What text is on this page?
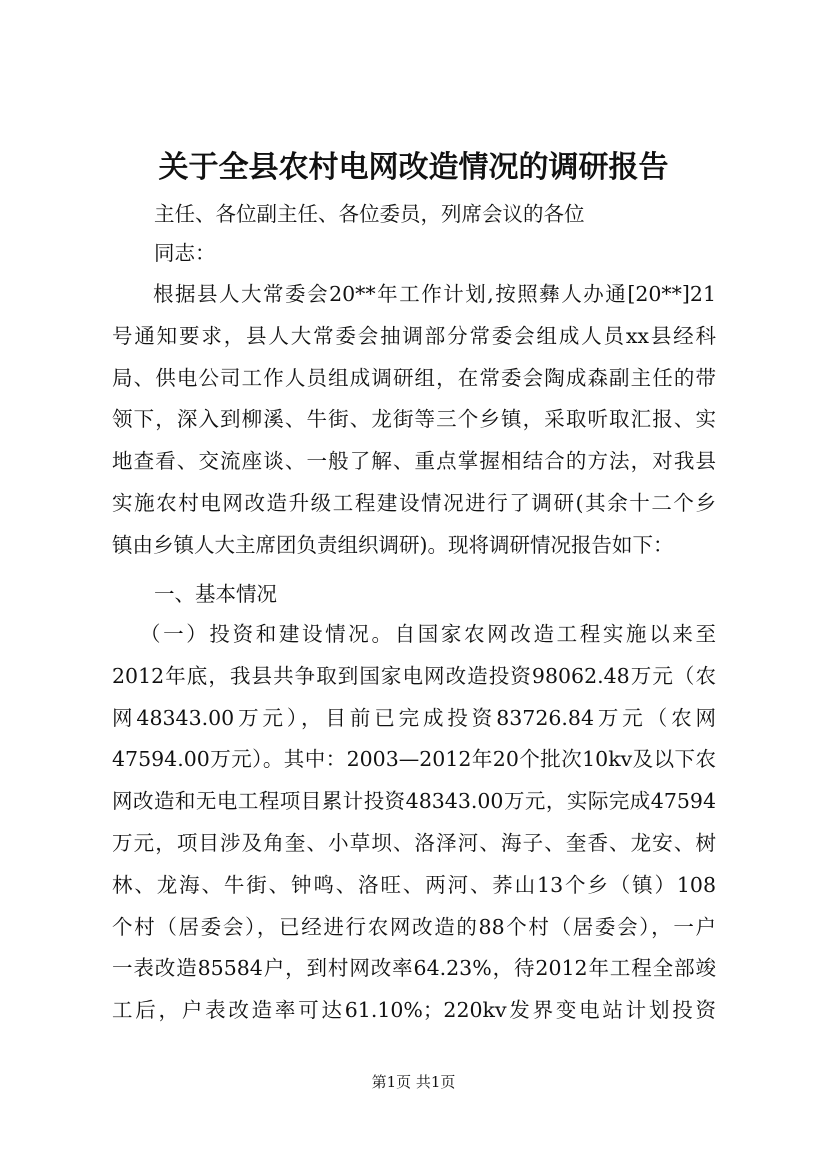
关于全县农村电网改造情况的调研报告
主任、各位副主任、各位委员，列席会议的各位
同志：

根据县人大常委会20**年工作计划,按照彝人办通[20**]21
号通知要求，县人大常委会抽调部分常委会组成人员xx县经科
局、供电公司工作人员组成调研组，在常委会陶成森副主任的带
领下，深入到柳溪、牛街、龙街等三个乡镇，采取听取汇报、实
地查看、交流座谈、一般了解、重点掌握相结合的方法，对我县
实施农村电网改造升级工程建设情况进行了调研(其余十二个乡
镇由乡镇人大主席团负责组织调研)。现将调研情况报告如下：

一、基本情况

（一）投资和建设情况。自国家农网改造工程实施以来至
2012年底，我县共争取到国家电网改造投资98062.48万元（农
网48343.00万元），目前已完成投资83726.84万元（农网
47594.00万元）。其中：2003—2012年20个批次10kv及以下农
网改造和无电工程项目累计投资48343.00万元，实际完成47594
万元，项目涉及角奎、小草坝、洛泽河、海子、奎香、龙安、树
林、龙海、牛街、钟鸣、洛旺、两河、荞山13个乡（镇）108
个村（居委会），已经进行农网改造的88个村（居委会），一户
一表改造85584户，到村网改率64.23%，待2012年工程全部竣
工后，户表改造率可达61.10%；220kv发界变电站计划投资

第1页 共1页
